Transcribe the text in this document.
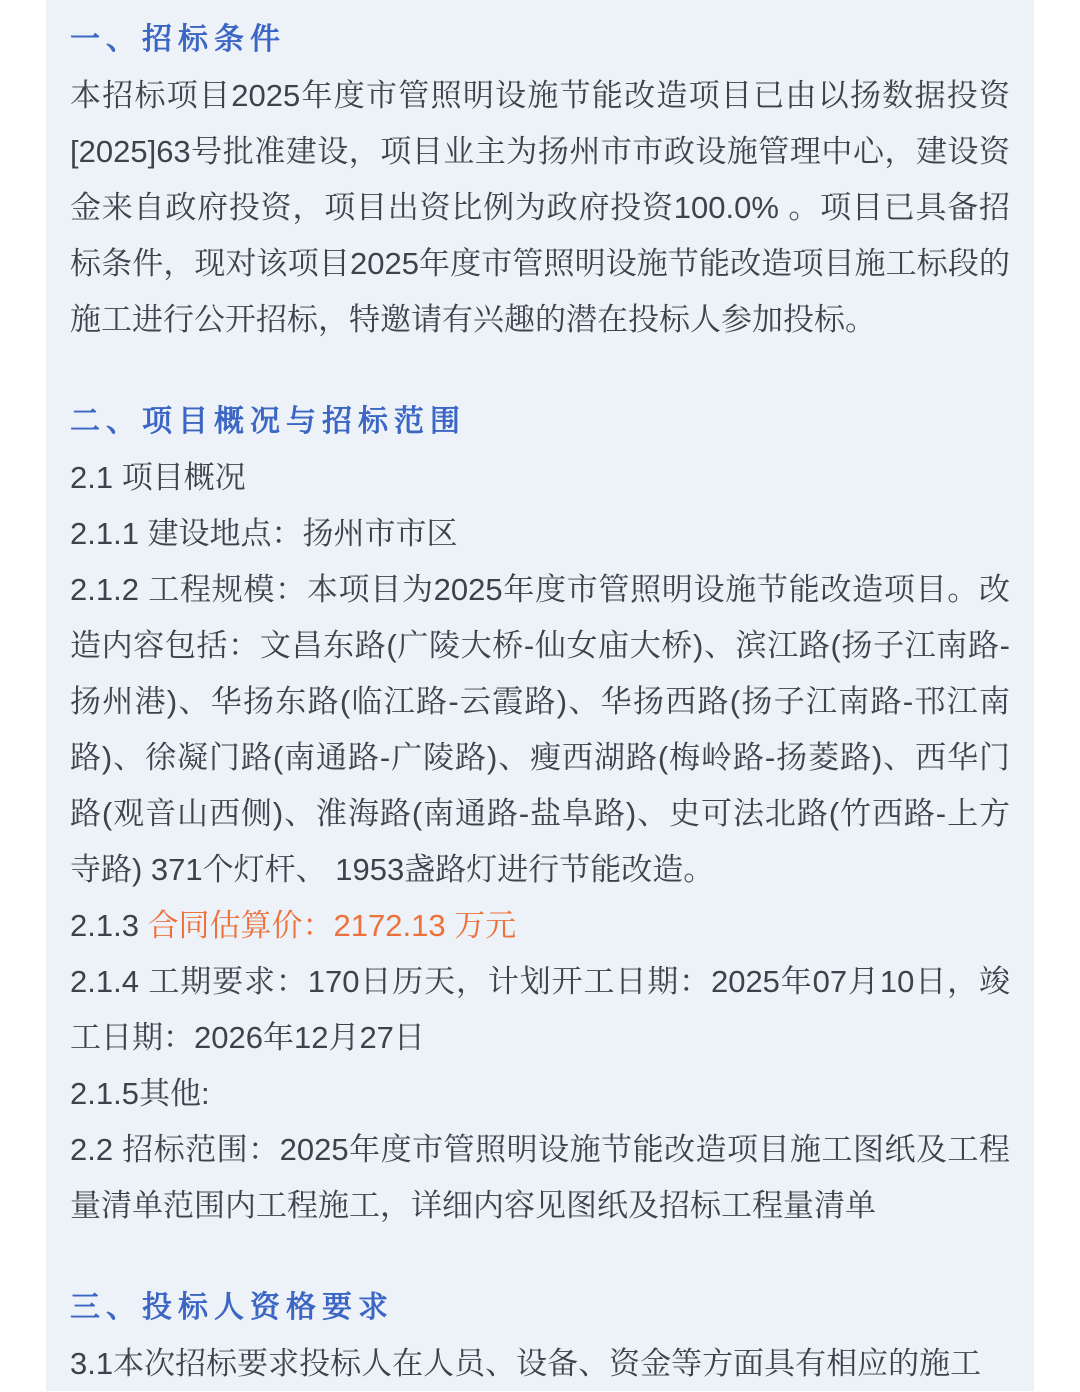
一、招标条件

本招标项目2025年度市管照明设施节能改造项目已由以扬数据投资[2025]63号批准建设，项目业主为扬州市市政设施管理中心，建设资金来自政府投资，项目出资比例为政府投资100.0% 。项目已具备招标条件，现对该项目2025年度市管照明设施节能改造项目施工标段的施工进行公开招标，特邀请有兴趣的潜在投标人参加投标。

二、项目概况与招标范围

2.1 项目概况

2.1.1 建设地点：扬州市市区

2.1.2 工程规模：本项目为2025年度市管照明设施节能改造项目。改造内容包括：文昌东路(广陵大桥-仙女庙大桥)、滨江路(扬子江南路-扬州港)、华扬东路(临江路-云霞路)、华扬西路(扬子江南路-邗江南路)、徐凝门路(南通路-广陵路)、瘦西湖路(梅岭路-扬菱路)、西华门路(观音山西侧)、淮海路(南通路-盐阜路)、史可法北路(竹西路-上方寺路) 371个灯杆、 1953盏路灯进行节能改造。

2.1.3 合同估算价：2172.13 万元

2.1.4 工期要求：170日历天，计划开工日期：2025年07月10日，竣工日期：2026年12月27日

2.1.5其他:

2.2 招标范围：2025年度市管照明设施节能改造项目施工图纸及工程量清单范围内工程施工，详细内容见图纸及招标工程量清单

三、投标人资格要求

3.1本次招标要求投标人在人员、设备、资金等方面具有相应的施工
